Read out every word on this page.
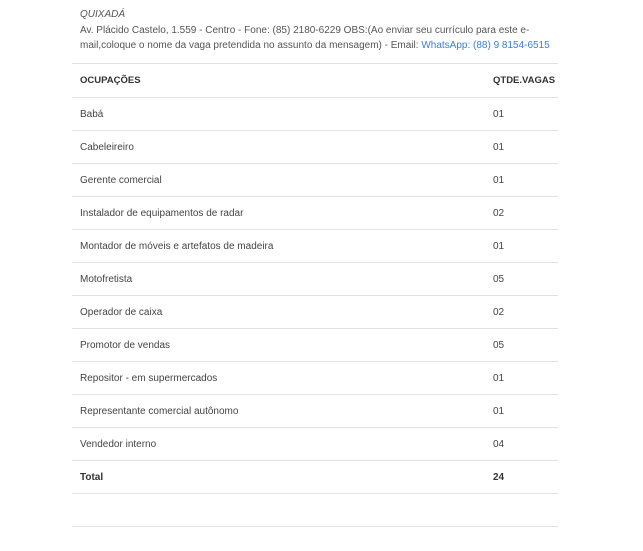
QUIXADÁ
Av. Plácido Castelo, 1.559 - Centro - Fone: (85) 2180-6229 OBS:(Ao enviar seu currículo para este e-mail,coloque o nome da vaga pretendida no assunto da mensagem) - Email: WhatsApp: (88) 9 8154-6515
OCUPAÇÕES	QTDE.VAGAS
Babá	01
Cabeleireiro	01
Gerente comercial	01
Instalador de equipamentos de radar	02
Montador de móveis e artefatos de madeira	01
Motofretista	05
Operador de caixa	02
Promotor de vendas	05
Repositor - em supermercados	01
Representante comercial autônomo	01
Vendedor interno	04
Total	24
